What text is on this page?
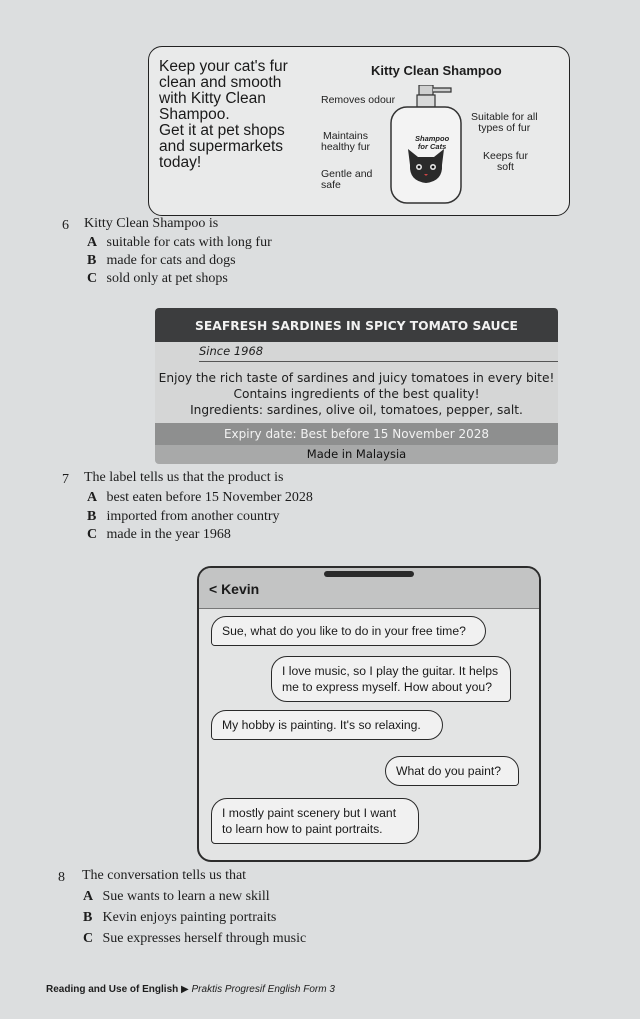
Keep your cat's fur
clean and smooth
with Kitty Clean
Shampoo.
Get it at pet shops
and supermarkets
today!
Kitty Clean Shampoo
Shampoo
for Cats
Removes odour
Maintains
healthy fur
Gentle and
safe
Suitable for all
types of fur
Keeps fur
soft
6 Kitty Clean Shampoo is
A suitable for cats with long fur
B made for cats and dogs
C sold only at pet shops
SEAFRESH SARDINES IN SPICY TOMATO SAUCE
Since 1968
Enjoy the rich taste of sardines and juicy tomatoes in every bite!
Contains ingredients of the best quality!
Ingredients: sardines, olive oil, tomatoes, pepper, salt.
Expiry date: Best before 15 November 2028
Made in Malaysia
7 The label tells us that the product is
A best eaten before 15 November 2028
B imported from another country
C made in the year 1968
< Kevin
Sue, what do you like to do in your free time?
I love music, so I play the guitar. It helps me to express myself. How about you?
My hobby is painting. It's so relaxing.
What do you paint?
I mostly paint scenery but I want to learn how to paint portraits.
8 The conversation tells us that
A Sue wants to learn a new skill
B Kevin enjoys painting portraits
C Sue expresses herself through music
Reading and Use of English ▶ Praktis Progresif English Form 3
